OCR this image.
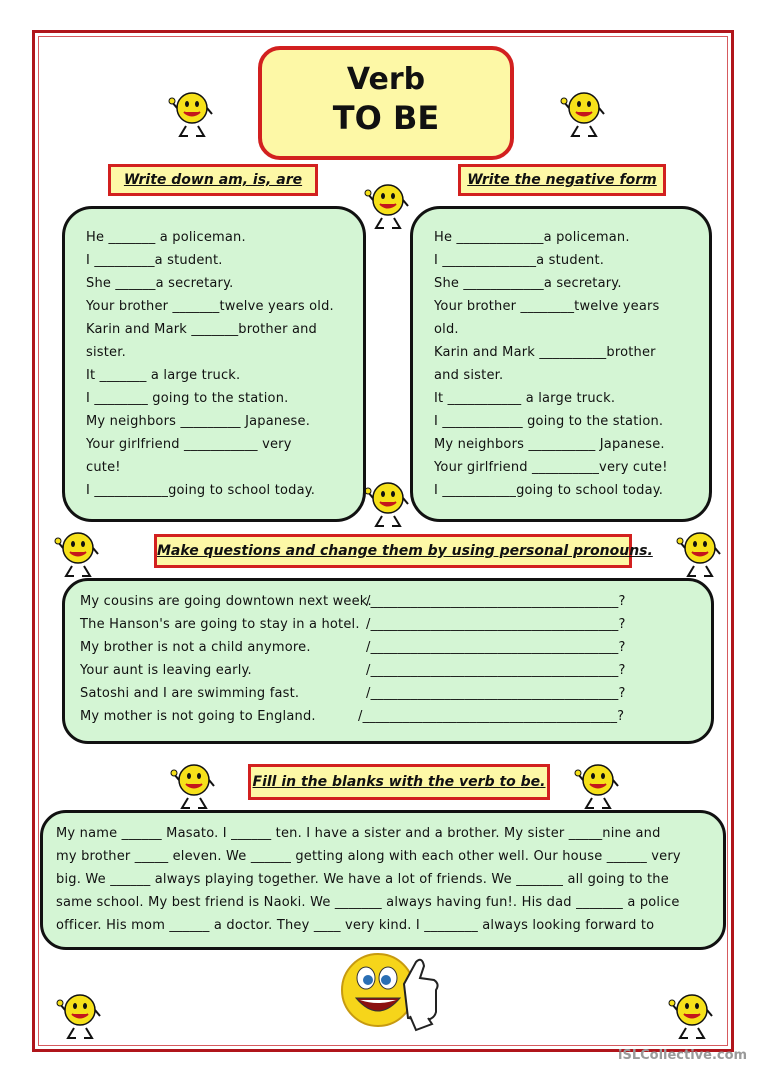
Verb
TO BE
Write down am, is, are
He _______ a policeman.
I _________a student.
She ______a secretary.
Your brother _______twelve years old.
Karin and Mark _______brother and
sister.
It _______ a large truck.
I ________ going to the station.
My neighbors _________ Japanese.
Your girlfriend ___________ very
cute!
I ___________going to school today.
Write the negative form
He _____________a policeman.
I ______________a student.
She ____________a secretary.
Your brother ________twelve years
old.
Karin and Mark __________brother
and sister.
It ___________ a large truck.
I ____________ going to the station.
My neighbors __________ Japanese.
Your girlfriend __________very cute!
I ___________going to school today.
Make questions and change them by using personal pronouns.
My cousins are going downtown next week.
/_____________________________________?
The Hanson's are going to stay in a hotel. /_____________________________________?
My brother is not a child anymore.	/_____________________________________?
Your aunt is leaving early.	/_____________________________________?
Satoshi and I are swimming fast.	/_____________________________________?
My mother is not going to England.	/______________________________________?
Fill in the blanks with the verb to be.
My name ______ Masato. I ______ ten. I have a sister and a brother. My sister _____nine and
my brother _____ eleven. We ______ getting along with each other well. Our house ______ very
big. We ______ always playing together. We have a lot of friends. We _______ all going to the
same school. My best friend is Naoki. We _______ always having fun!. His dad _______ a police
officer. His mom ______ a doctor. They ____ very kind. I ________ always looking forward to
iSLCollective.com
